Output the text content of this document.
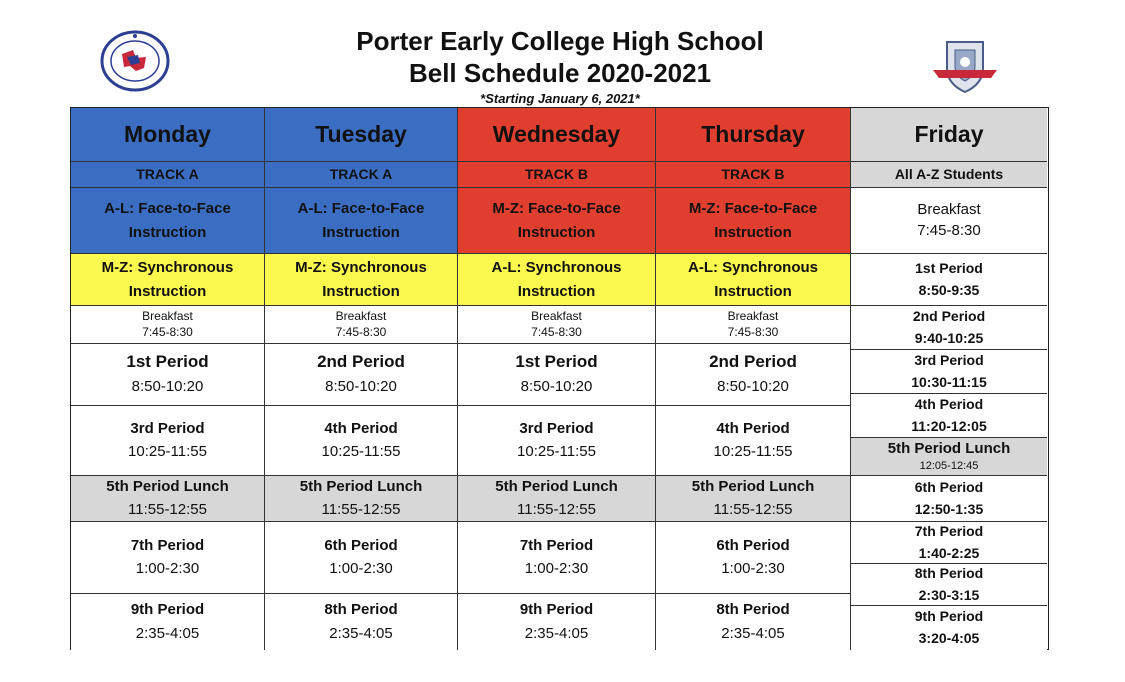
Porter Early College High School
Bell Schedule 2020-2021
*Starting January 6, 2021*
Monday
TRACK A
A-L: Face-to-Face
Instruction
M-Z: Synchronous
Instruction
Breakfast
7:45-8:30
1st Period
8:50-10:20
3rd Period
10:25-11:55
5th Period Lunch
11:55-12:55
7th Period
1:00-2:30
9th Period
2:35-4:05
Tuesday
TRACK A
A-L: Face-to-Face
Instruction
M-Z: Synchronous
Instruction
Breakfast
7:45-8:30
2nd Period
8:50-10:20
4th Period
10:25-11:55
5th Period Lunch
11:55-12:55
6th Period
1:00-2:30
8th Period
2:35-4:05
Wednesday
TRACK B
M-Z: Face-to-Face
Instruction
A-L: Synchronous
Instruction
Breakfast
7:45-8:30
1st Period
8:50-10:20
3rd Period
10:25-11:55
5th Period Lunch
11:55-12:55
7th Period
1:00-2:30
9th Period
2:35-4:05
Thursday
TRACK B
M-Z: Face-to-Face
Instruction
A-L: Synchronous
Instruction
Breakfast
7:45-8:30
2nd Period
8:50-10:20
4th Period
10:25-11:55
5th Period Lunch
11:55-12:55
6th Period
1:00-2:30
8th Period
2:35-4:05
Friday
All A-Z Students
Breakfast
7:45-8:30
1st Period
8:50-9:35
2nd Period
9:40-10:25
3rd Period
10:30-11:15
4th Period
11:20-12:05
5th Period Lunch
12:05-12:45
6th Period
12:50-1:35
7th Period
1:40-2:25
8th Period
2:30-3:15
9th Period
3:20-4:05
